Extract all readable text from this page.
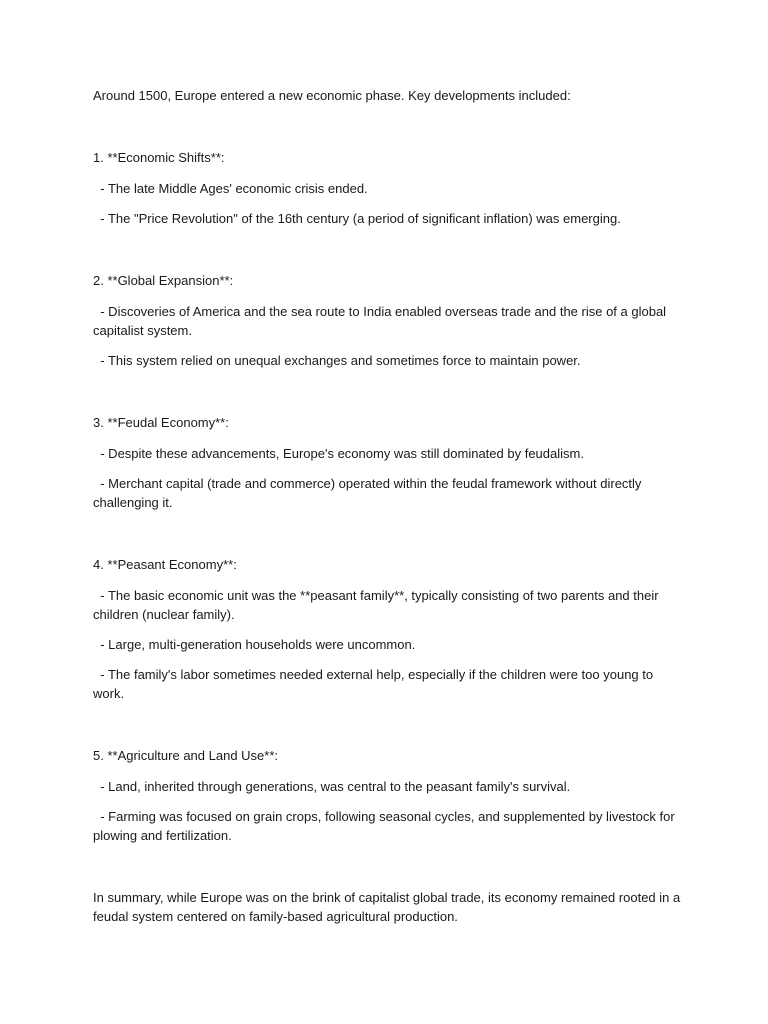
Around 1500, Europe entered a new economic phase. Key developments included:

1. **Economic Shifts**:

- The late Middle Ages' economic crisis ended.

- The "Price Revolution" of the 16th century (a period of significant inflation) was emerging.

2. **Global Expansion**:

- Discoveries of America and the sea route to India enabled overseas trade and the rise of a global capitalist system.

- This system relied on unequal exchanges and sometimes force to maintain power.

3. **Feudal Economy**:

- Despite these advancements, Europe's economy was still dominated by feudalism.

- Merchant capital (trade and commerce) operated within the feudal framework without directly challenging it.

4. **Peasant Economy**:

- The basic economic unit was the **peasant family**, typically consisting of two parents and their children (nuclear family).

- Large, multi-generation households were uncommon.

- The family's labor sometimes needed external help, especially if the children were too young to work.

5. **Agriculture and Land Use**:

- Land, inherited through generations, was central to the peasant family's survival.

- Farming was focused on grain crops, following seasonal cycles, and supplemented by livestock for plowing and fertilization.

In summary, while Europe was on the brink of capitalist global trade, its economy remained rooted in a feudal system centered on family-based agricultural production.
